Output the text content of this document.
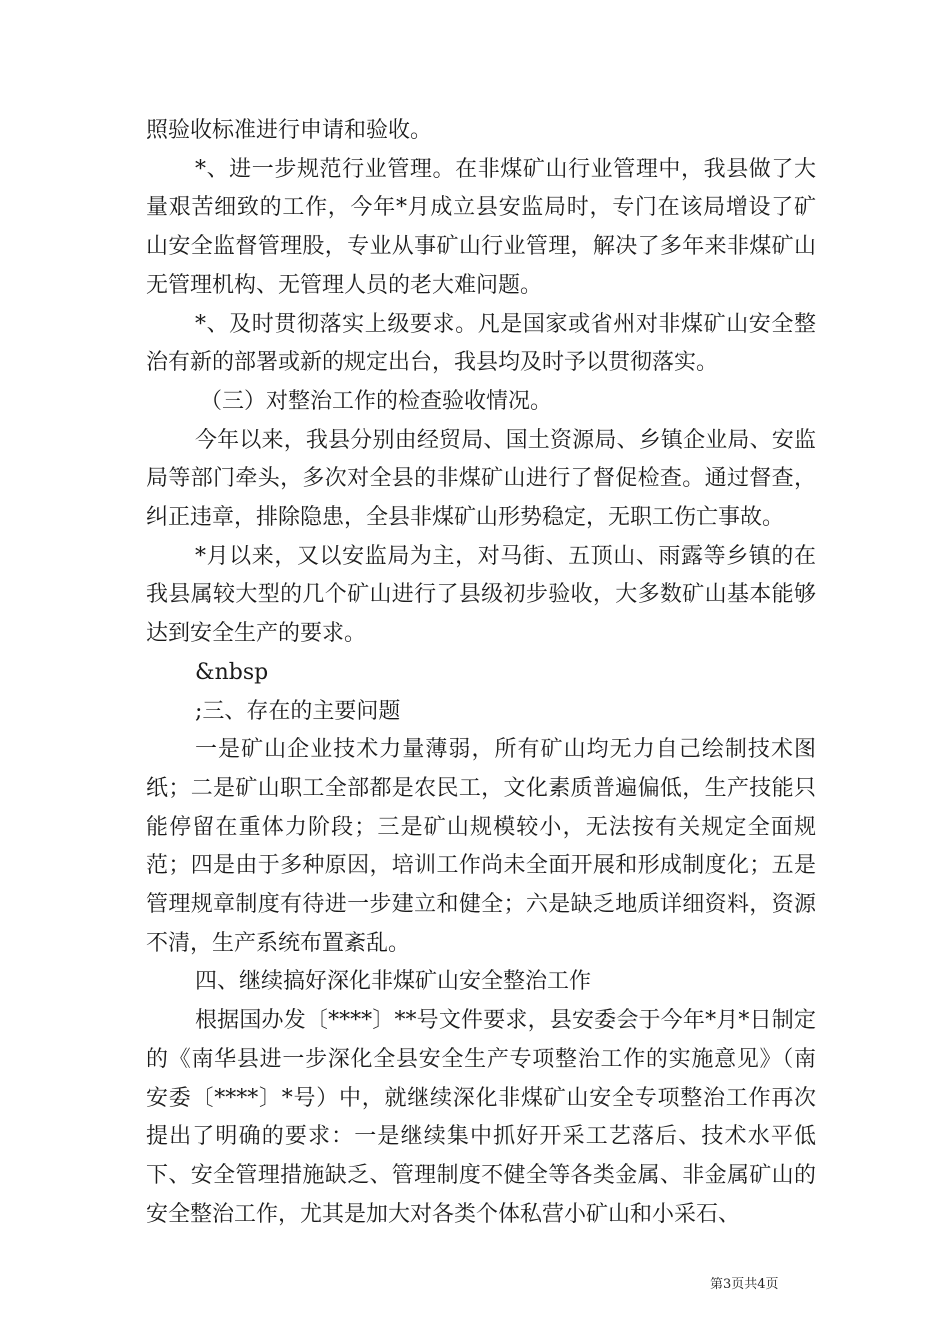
照验收标准进行申请和验收。

*、进一步规范行业管理。在非煤矿山行业管理中，我县做了大量艰苦细致的工作，今年*月成立县安监局时，专门在该局增设了矿山安全监督管理股，专业从事矿山行业管理，解决了多年来非煤矿山无管理机构、无管理人员的老大难问题。

*、及时贯彻落实上级要求。凡是国家或省州对非煤矿山安全整治有新的部署或新的规定出台，我县均及时予以贯彻落实。

（三）对整治工作的检查验收情况。

今年以来，我县分别由经贸局、国土资源局、乡镇企业局、安监局等部门牵头，多次对全县的非煤矿山进行了督促检查。通过督查，纠正违章，排除隐患，全县非煤矿山形势稳定，无职工伤亡事故。

*月以来，又以安监局为主，对马街、五顶山、雨露等乡镇的在我县属较大型的几个矿山进行了县级初步验收，大多数矿山基本能够达到安全生产的要求。

&nbsp

;三、存在的主要问题

一是矿山企业技术力量薄弱，所有矿山均无力自己绘制技术图纸；二是矿山职工全部都是农民工，文化素质普遍偏低，生产技能只能停留在重体力阶段；三是矿山规模较小，无法按有关规定全面规范；四是由于多种原因，培训工作尚未全面开展和形成制度化；五是管理规章制度有待进一步建立和健全；六是缺乏地质详细资料，资源不清，生产系统布置紊乱。

四、继续搞好深化非煤矿山安全整治工作

根据国办发〔****〕**号文件要求，县安委会于今年*月*日制定的《南华县进一步深化全县安全生产专项整治工作的实施意见》（南安委〔****〕*号）中，就继续深化非煤矿山安全专项整治工作再次提出了明确的要求：一是继续集中抓好开采工艺落后、技术水平低下、安全管理措施缺乏、管理制度不健全等各类金属、非金属矿山的安全整治工作，尤其是加大对各类个体私营小矿山和小采石、

第3页共4页
